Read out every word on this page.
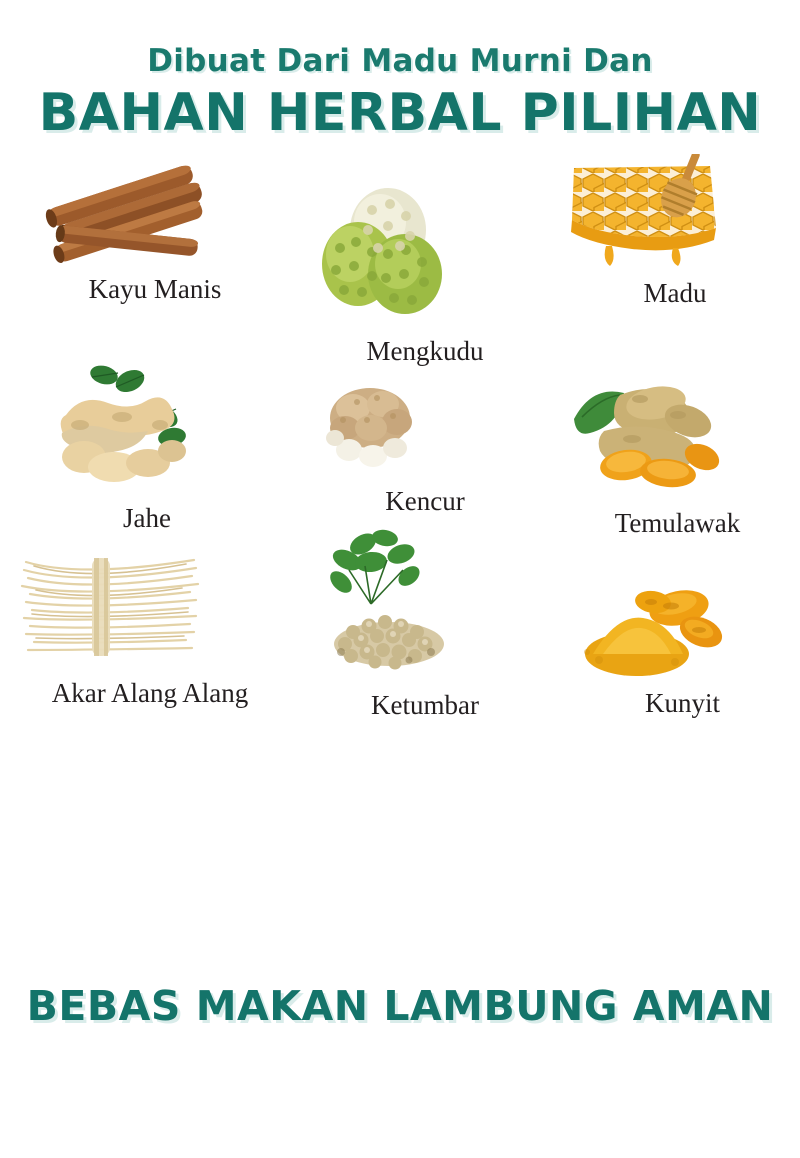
Dibuat Dari Madu Murni Dan
BAHAN HERBAL PILIHAN
Kayu Manis
Mengkudu
Madu
Jahe
Kencur
Temulawak
Akar Alang Alang	Ketumbar	Kunyit
BEBAS MAKAN LAMBUNG AMAN
